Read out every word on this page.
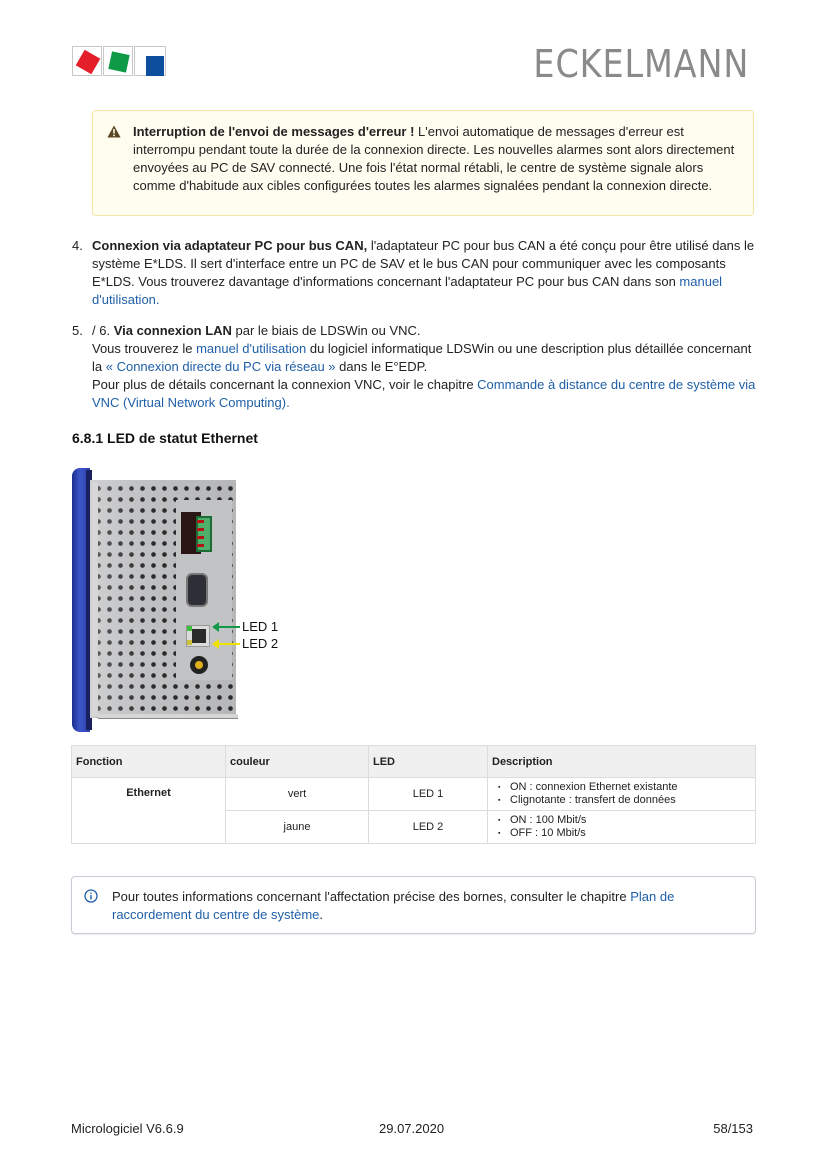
ECKELMANN
Interruption de l'envoi de messages d'erreur ! L'envoi automatique de messages d'erreur est interrompu pendant toute la durée de la connexion directe. Les nouvelles alarmes sont alors directement envoyées au PC de SAV connecté. Une fois l'état normal rétabli, le centre de système signale alors comme d'habitude aux cibles configurées toutes les alarmes signalées pendant la connexion directe.
4. Connexion via adaptateur PC pour bus CAN, l'adaptateur PC pour bus CAN a été conçu pour être utilisé dans le système E*LDS. Il sert d'interface entre un PC de SAV et le bus CAN pour communiquer avec les composants E*LDS. Vous trouverez davantage d'informations concernant l'adaptateur PC pour bus CAN dans son manuel d'utilisation.
5. / 6. Via connexion LAN par le biais de LDSWin ou VNC.
Vous trouverez le manuel d'utilisation du logiciel informatique LDSWin ou une description plus détaillée concernant la « Connexion directe du PC via réseau » dans le E°EDP.
Pour plus de détails concernant la connexion VNC, voir le chapitre Commande à distance du centre de système via VNC (Virtual Network Computing).
6.8.1 LED de statut Ethernet
LED 1
LED 2
Fonction	couleur	LED	Description
Ethernet	vert	LED 1	
▪ ON : connexion Ethernet existante
▪ Clignotante : transfert de données

jaune	LED 2	
▪ ON : 100 Mbit/s
▪ OFF : 10 Mbit/s
Pour toutes informations concernant l'affectation précise des bornes, consulter le chapitre Plan de raccordement du centre de système.
Micrologiciel V6.6.9	29.07.2020	58/153
